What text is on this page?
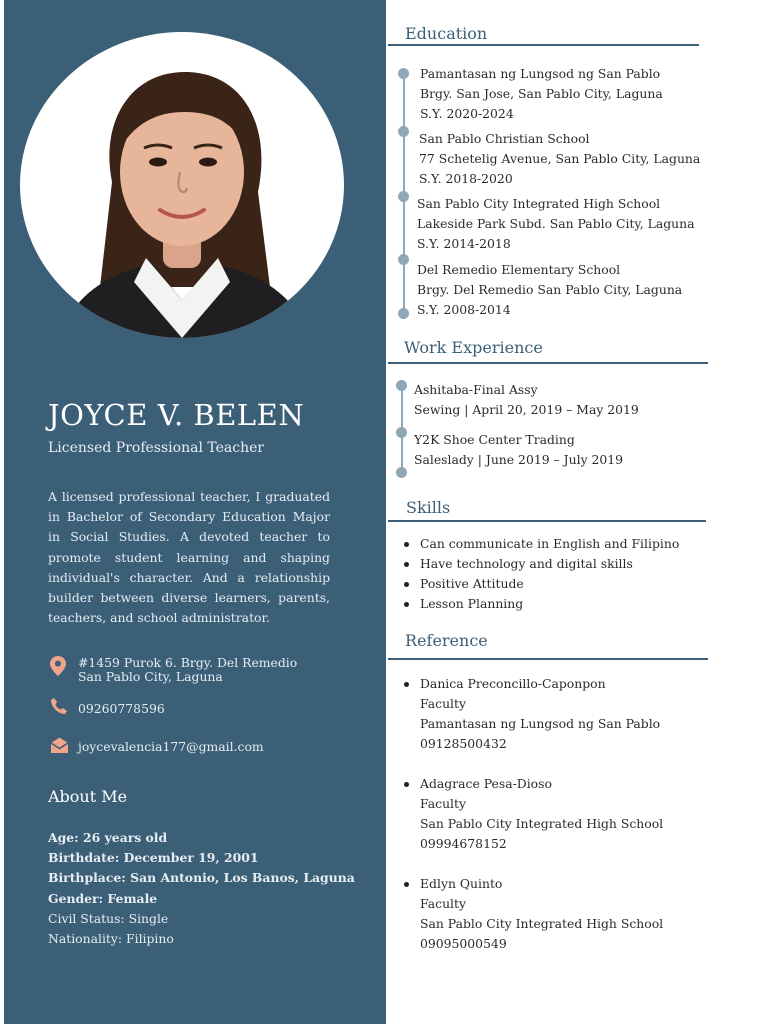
JOYCE V. BELEN
Licensed Professional Teacher
A licensed professional teacher, I graduated in Bachelor of Secondary Education Major in Social Studies. A devoted teacher to promote student learning and shaping individual's character. And a relationship builder between diverse learners, parents, teachers, and school administrator.
#1459 Purok 6. Brgy. Del Remedio
San Pablo City, Laguna
09260778596
joycevalencia177@gmail.com
About Me
Age: 26 years old
Birthdate: December 19, 2001
Birthplace: San Antonio, Los Banos, Laguna
Gender: Female
Civil Status: Single
Nationality: Filipino
Education
Pamantasan ng Lungsod ng San Pablo
Brgy. San Jose, San Pablo City, Laguna
S.Y. 2020-2024
San Pablo Christian School
77 Schetelig Avenue, San Pablo City, Laguna
S.Y. 2018-2020
San Pablo City Integrated High School
Lakeside Park Subd. San Pablo City, Laguna
S.Y. 2014-2018
Del Remedio Elementary School
Brgy. Del Remedio San Pablo City, Laguna
S.Y. 2008-2014
Work Experience
Ashitaba-Final Assy
Sewing | April 20, 2019 – May 2019
Y2K Shoe Center Trading
Saleslady | June 2019 – July 2019
Skills
Can communicate in English and Filipino
Have technology and digital skills
Positive Attitude
Lesson Planning
Reference
Danica Preconcillo-Caponpon
Faculty
Pamantasan ng Lungsod ng San Pablo
09128500432
Adagrace Pesa-Dioso
Faculty
San Pablo City Integrated High School
09994678152
Edlyn Quinto
Faculty
San Pablo City Integrated High School
09095000549
